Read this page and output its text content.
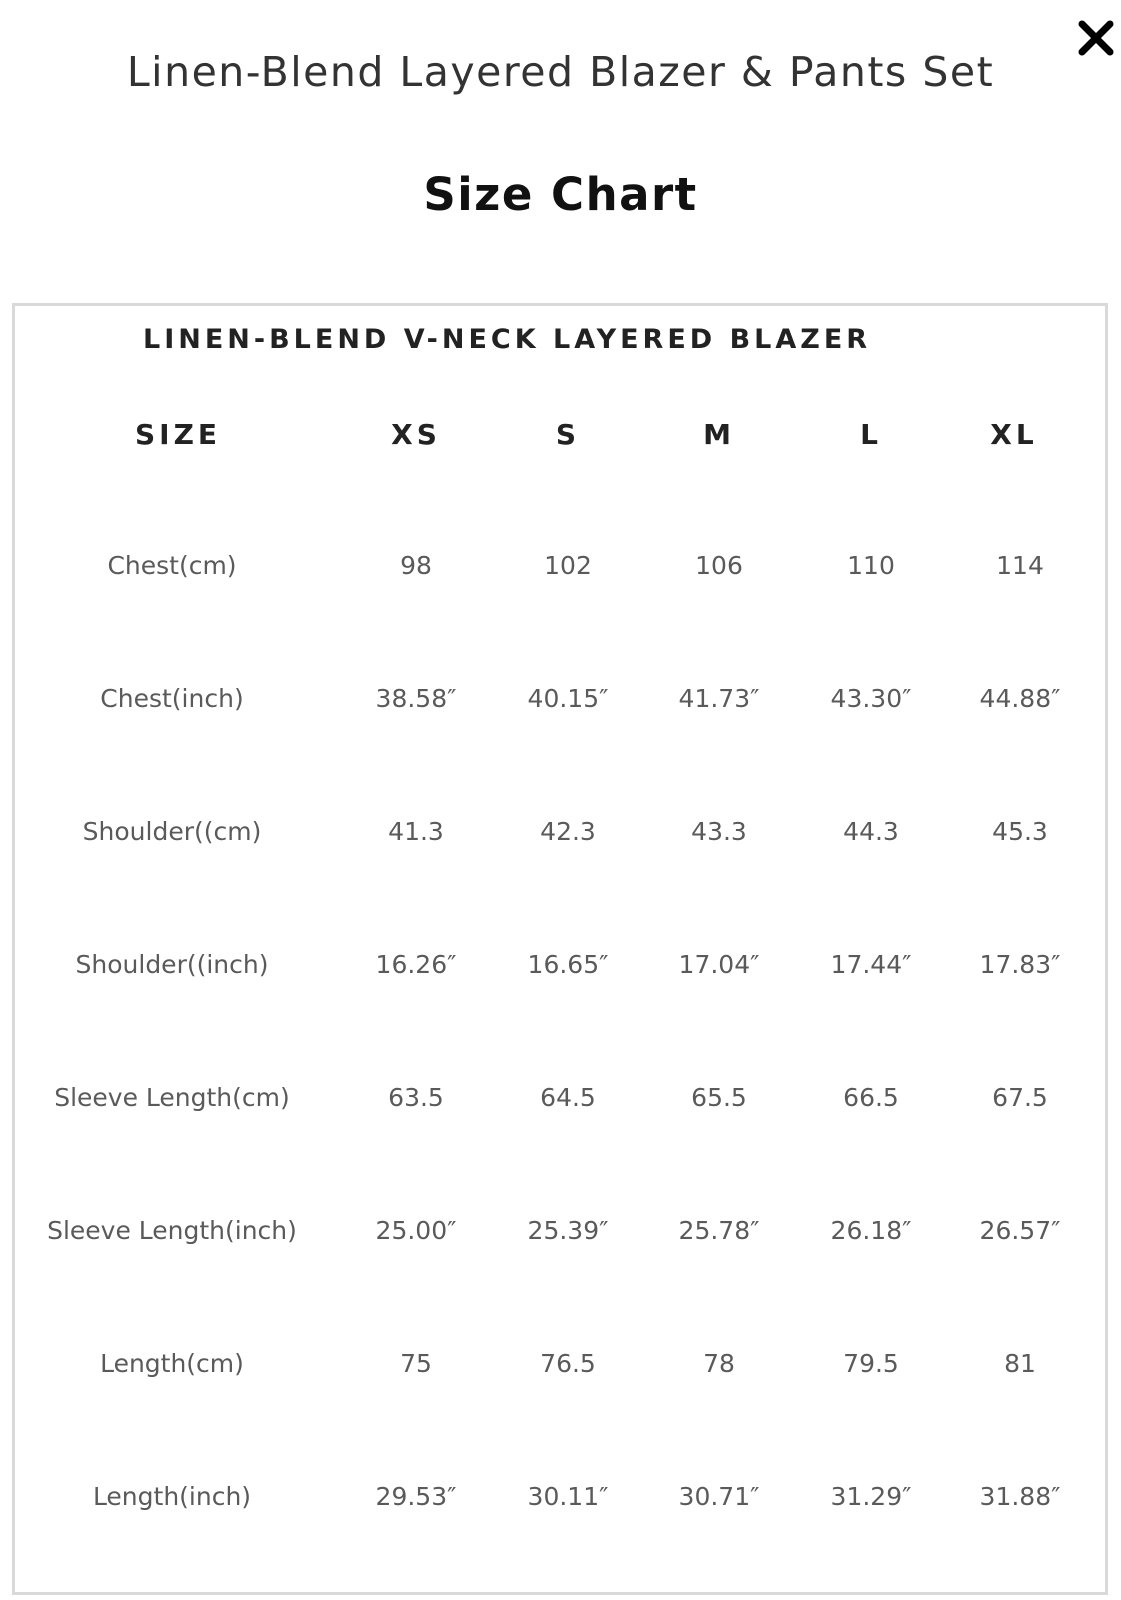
Linen-Blend Layered Blazer & Pants Set
Size Chart
LINEN-BLEND V-NECK LAYERED BLAZER
SIZE	XS	S	M	L	XL
Chest(cm)	98	102	106	110	114
Chest(inch)	38.58″	40.15″	41.73″	43.30″	44.88″
Shoulder((cm)	41.3	42.3	43.3	44.3	45.3
Shoulder((inch)	16.26″	16.65″	17.04″	17.44″	17.83″
Sleeve Length(cm)	63.5	64.5	65.5	66.5	67.5
Sleeve Length(inch)	25.00″	25.39″	25.78″	26.18″	26.57″
Length(cm)	75	76.5	78	79.5	81
Length(inch)	29.53″	30.11″	30.71″	31.29″	31.88″
